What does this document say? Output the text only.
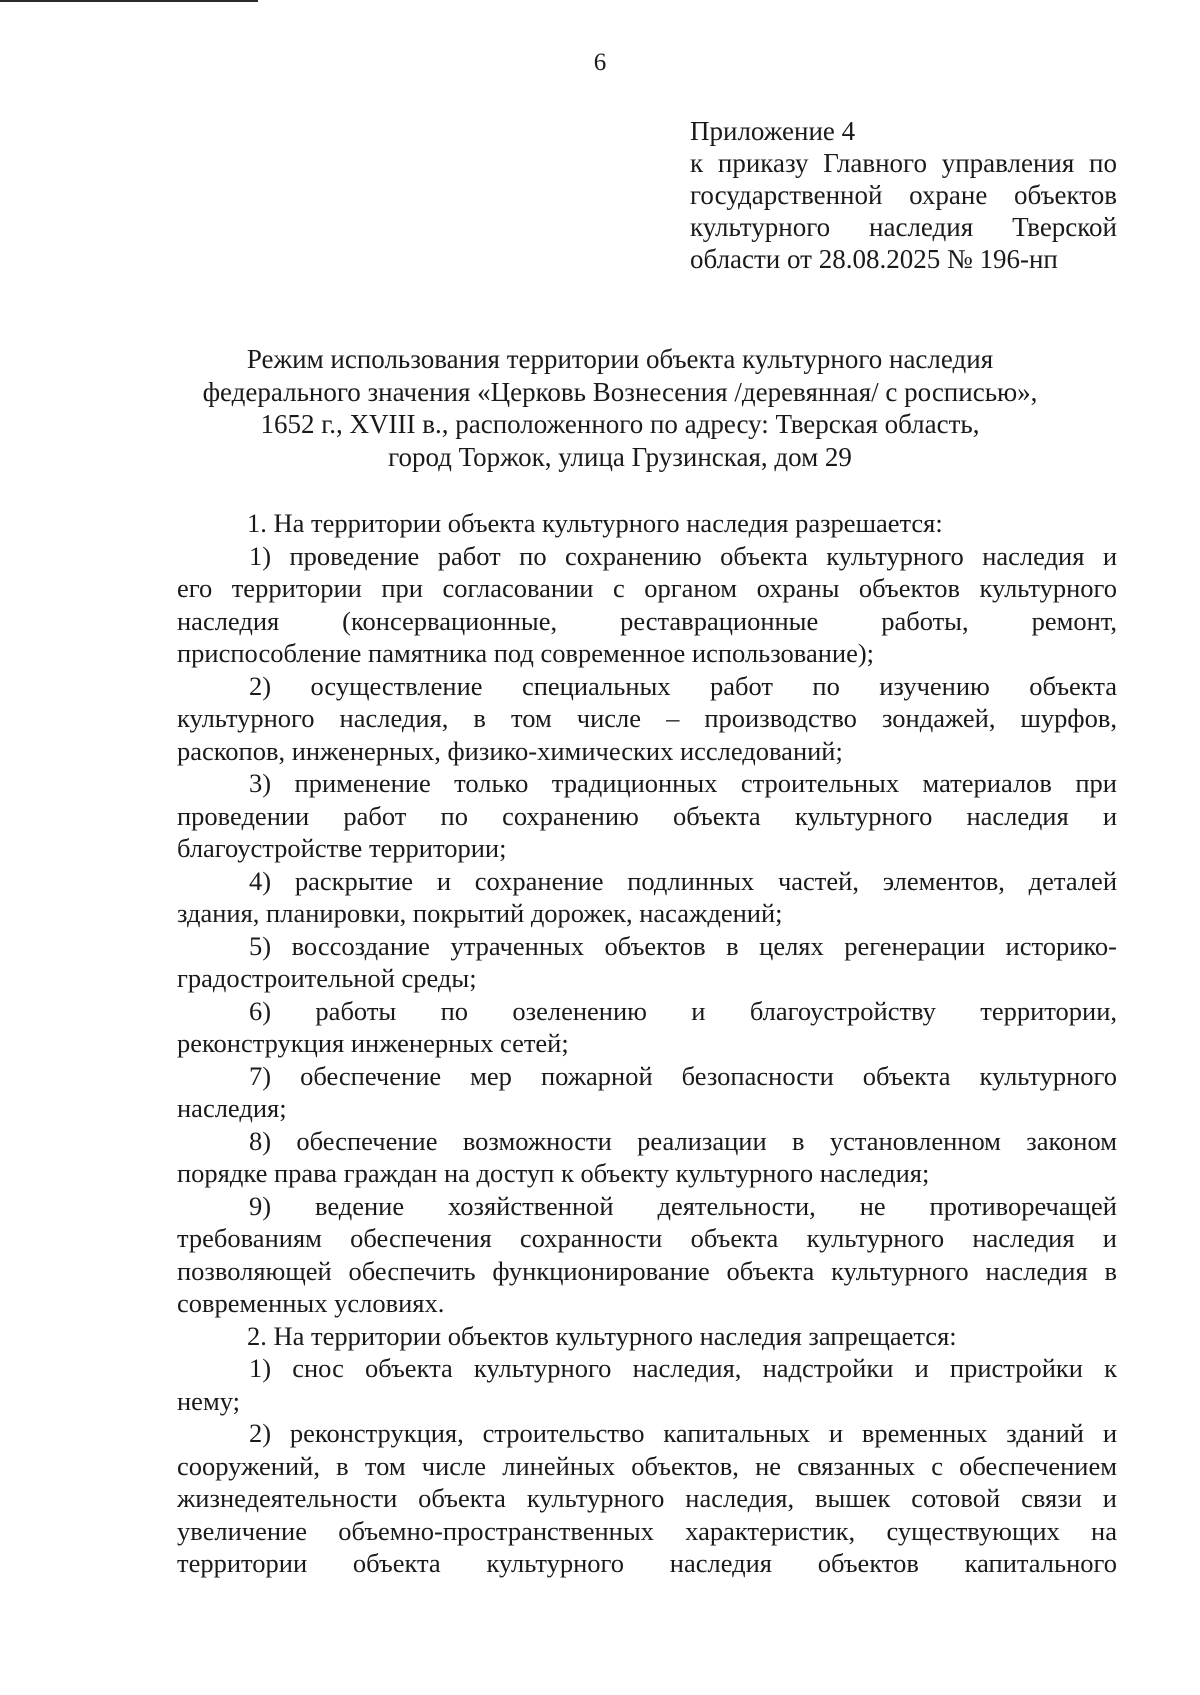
6
Приложение 4
к приказу Главного управления по
государственной охране объектов
культурного наследия Тверской
области от 28.08.2025 № 196-нп
Режим использования территории объекта культурного наследия
федерального значения «Церковь Вознесения /деревянная/ с росписью»,
1652 г., XVIII в., расположенного по адресу: Тверская область,
город Торжок, улица Грузинская, дом 29

1. На территории объекта культурного наследия разрешается:

1) проведение работ по сохранению объекта культурного наследия и
его территории при согласовании с органом охраны объектов культурного
наследия (консервационные, реставрационные работы, ремонт,
приспособление памятника под современное использование);
2) осуществление специальных работ по изучению объекта
культурного наследия, в том числе – производство зондажей, шурфов,
раскопов, инженерных, физико-химических исследований;
3) применение только традиционных строительных материалов при
проведении работ по сохранению объекта культурного наследия и
благоустройстве территории;
4) раскрытие и сохранение подлинных частей, элементов, деталей
здания, планировки, покрытий дорожек, насаждений;
5) воссоздание утраченных объектов в целях регенерации историко-
градостроительной среды;
6) работы по озеленению и благоустройству территории,
реконструкция инженерных сетей;
7) обеспечение мер пожарной безопасности объекта культурного
наследия;
8) обеспечение возможности реализации в установленном законом
порядке права граждан на доступ к объекту культурного наследия;
9) ведение хозяйственной деятельности, не противоречащей
требованиям обеспечения сохранности объекта культурного наследия и
позволяющей обеспечить функционирование объекта культурного наследия в
современных условиях.

2. На территории объектов культурного наследия запрещается:

1) снос объекта культурного наследия, надстройки и пристройки к
нему;
2) реконструкция, строительство капитальных и временных зданий и
сооружений, в том числе линейных объектов, не связанных с обеспечением
жизнедеятельности объекта культурного наследия, вышек сотовой связи и
увеличение объемно-пространственных характеристик, существующих на
территории объекта культурного наследия объектов капитального
